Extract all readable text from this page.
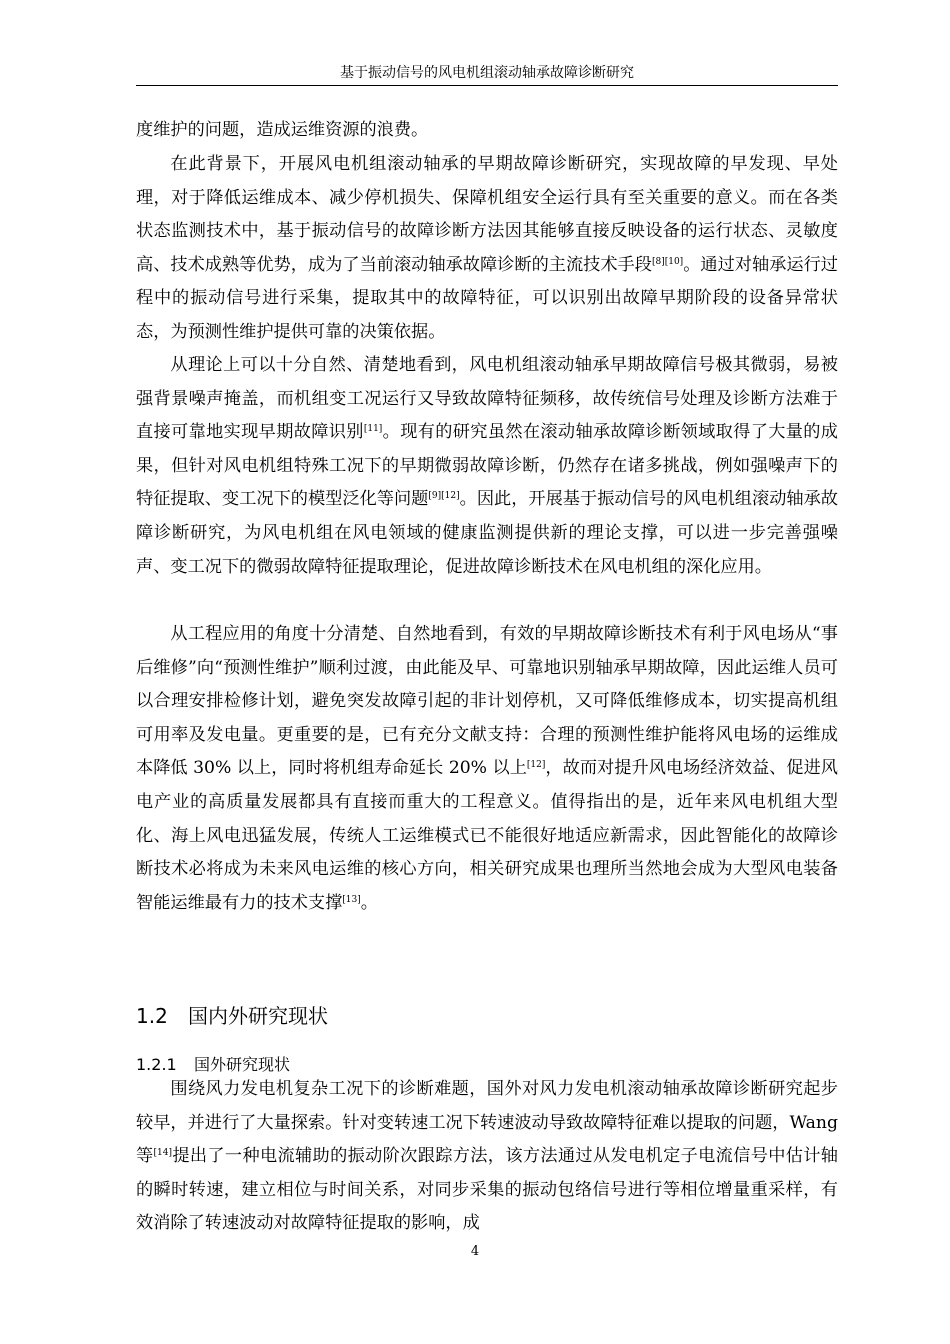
基于振动信号的风电机组滚动轴承故障诊断研究

度维护的问题，造成运维资源的浪费。

在此背景下，开展风电机组滚动轴承的早期故障诊断研究，实现故障的早发现、早处理，对于降低运维成本、减少停机损失、保障机组安全运行具有至关重要的意义。而在各类状态监测技术中，基于振动信号的故障诊断方法因其能够直接反映设备的运行状态、灵敏度高、技术成熟等优势，成为了当前滚动轴承故障诊断的主流技术手段[8][10]。通过对轴承运行过程中的振动信号进行采集，提取其中的故障特征，可以识别出故障早期阶段的设备异常状态，为预测性维护提供可靠的决策依据。

从理论上可以十分自然、清楚地看到，风电机组滚动轴承早期故障信号极其微弱，易被强背景噪声掩盖，而机组变工况运行又导致故障特征频移，故传统信号处理及诊断方法难于直接可靠地实现早期故障识别[11]。现有的研究虽然在滚动轴承故障诊断领域取得了大量的成果，但针对风电机组特殊工况下的早期微弱故障诊断，仍然存在诸多挑战，例如强噪声下的特征提取、变工况下的模型泛化等问题[9][12]。因此，开展基于振动信号的风电机组滚动轴承故障诊断研究，为风电机组在风电领域的健康监测提供新的理论支撑，可以进一步完善强噪声、变工况下的微弱故障特征提取理论，促进故障诊断技术在风电机组的深化应用。

从工程应用的角度十分清楚、自然地看到，有效的早期故障诊断技术有利于风电场从“事后维修”向“预测性维护”顺利过渡，由此能及早、可靠地识别轴承早期故障，因此运维人员可以合理安排检修计划，避免突发故障引起的非计划停机，又可降低维修成本，切实提高机组可用率及发电量。更重要的是，已有充分文献支持：合理的预测性维护能将风电场的运维成本降低 30% 以上，同时将机组寿命延长 20% 以上[12]，故而对提升风电场经济效益、促进风电产业的高质量发展都具有直接而重大的工程意义。值得指出的是，近年来风电机组大型化、海上风电迅猛发展，传统人工运维模式已不能很好地适应新需求，因此智能化的故障诊断技术必将成为未来风电运维的核心方向，相关研究成果也理所当然地会成为大型风电装备智能运维最有力的技术支撑[13]。

1.2 国内外研究现状
1.2.1 国外研究现状

围绕风力发电机复杂工况下的诊断难题，国外对风力发电机滚动轴承故障诊断研究起步较早，并进行了大量探索。针对变转速工况下转速波动导致故障特征难以提取的问题，Wang 等[14]提出了一种电流辅助的振动阶次跟踪方法，该方法通过从发电机定子电流信号中估计轴的瞬时转速，建立相位与时间关系，对同步采集的振动包络信号进行等相位增量重采样，有效消除了转速波动对故障特征提取的影响，成

4
